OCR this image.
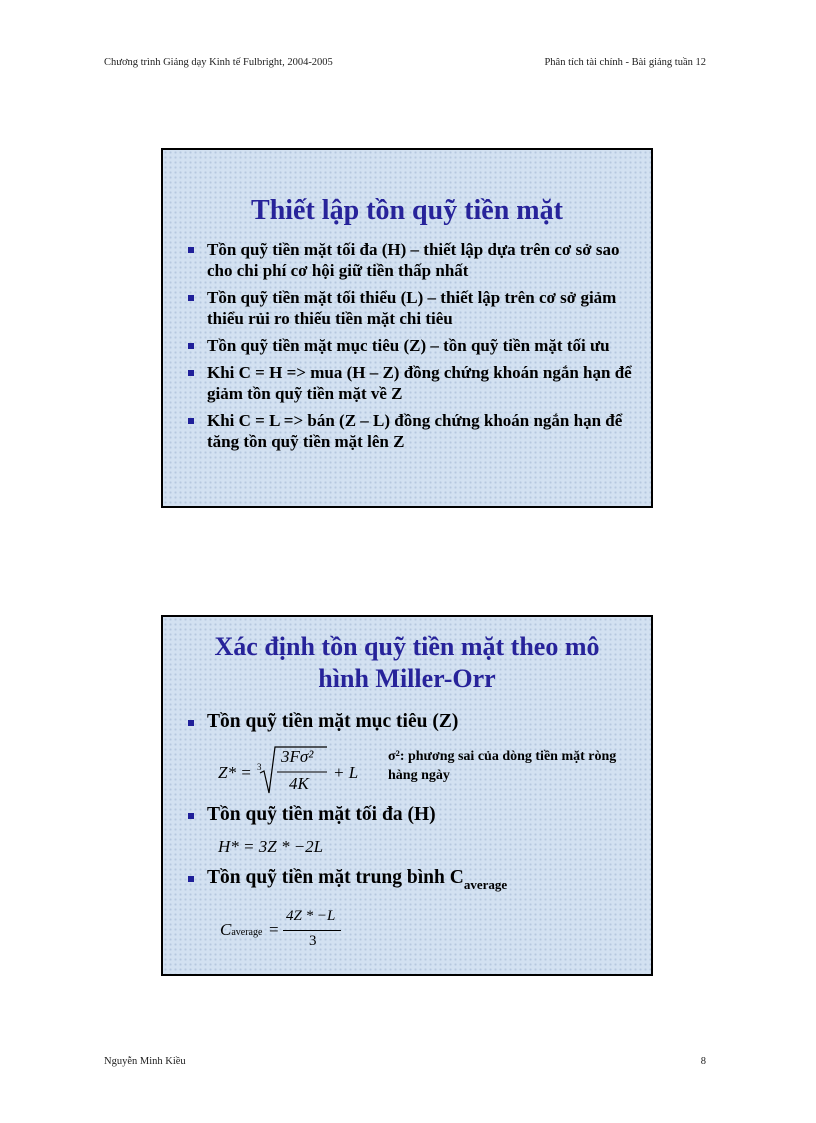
Chương trình Giảng dạy Kinh tế Fulbright, 2004-2005	Phân tích tài chính - Bài giảng tuần 12
Thiết lập tồn quỹ tiền mặt
Tồn quỹ tiền mặt tối đa (H) – thiết lập dựa trên cơ sở sao cho chi phí cơ hội giữ tiền thấp nhất
Tồn quỹ tiền mặt tối thiểu (L) – thiết lập trên cơ sở giảm thiểu rủi ro thiếu tiền mặt chi tiêu
Tồn quỹ tiền mặt mục tiêu (Z) – tồn quỹ tiền mặt tối ưu
Khi C = H => mua (H – Z) đồng chứng khoán ngắn hạn để giảm tồn quỹ tiền mặt về Z
Khi C = L => bán (Z – L) đồng chứng khoán ngắn hạn để tăng tồn quỹ tiền mặt lên Z
Xác định tồn quỹ tiền mặt theo mô
hình Miller-Orr
Tồn quỹ tiền mặt mục tiêu (Z)
Z* = 3
3Fσ²
4K
+ L
σ²: phương sai của dòng tiền mặt ròng hàng ngày
Tồn quỹ tiền mặt tối đa (H)
H* = 3Z * −2L
Tồn quỹ tiền mặt trung bình $C_{average}$
Caverage =
4Z * −L
3
Nguyễn Minh Kiều	8
